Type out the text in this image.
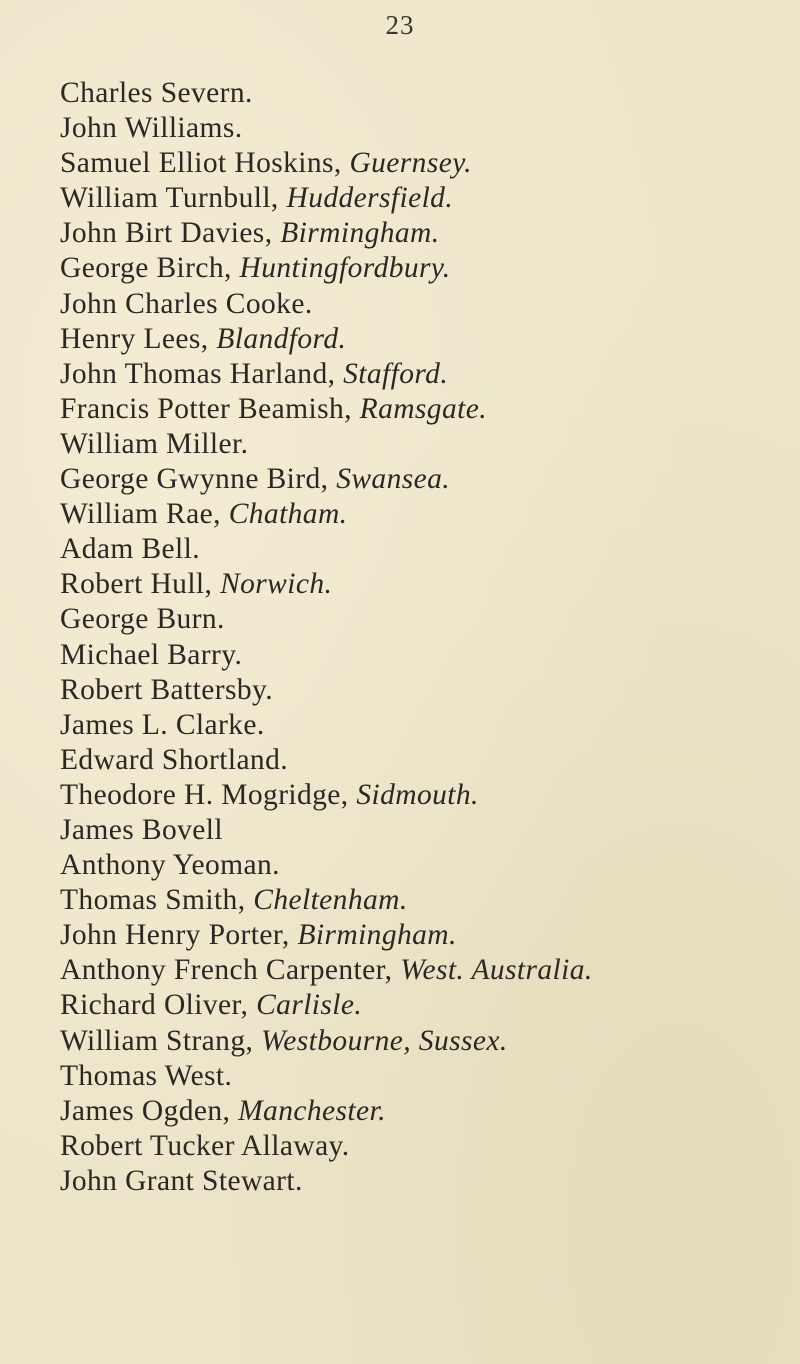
23
Charles Severn.
John Williams.
Samuel Elliot Hoskins, Guernsey.
William Turnbull, Huddersfield.
John Birt Davies, Birmingham.
George Birch, Huntingfordbury.
John Charles Cooke.
Henry Lees, Blandford.
John Thomas Harland, Stafford.
Francis Potter Beamish, Ramsgate.
William Miller.
George Gwynne Bird, Swansea.
William Rae, Chatham.
Adam Bell.
Robert Hull, Norwich.
George Burn.
Michael Barry.
Robert Battersby.
James L. Clarke.
Edward Shortland.
Theodore H. Mogridge, Sidmouth.
James Bovell
Anthony Yeoman.
Thomas Smith, Cheltenham.
John Henry Porter, Birmingham.
Anthony French Carpenter, West. Australia.
Richard Oliver, Carlisle.
William Strang, Westbourne, Sussex.
Thomas West.
James Ogden, Manchester.
Robert Tucker Allaway.
John Grant Stewart.
